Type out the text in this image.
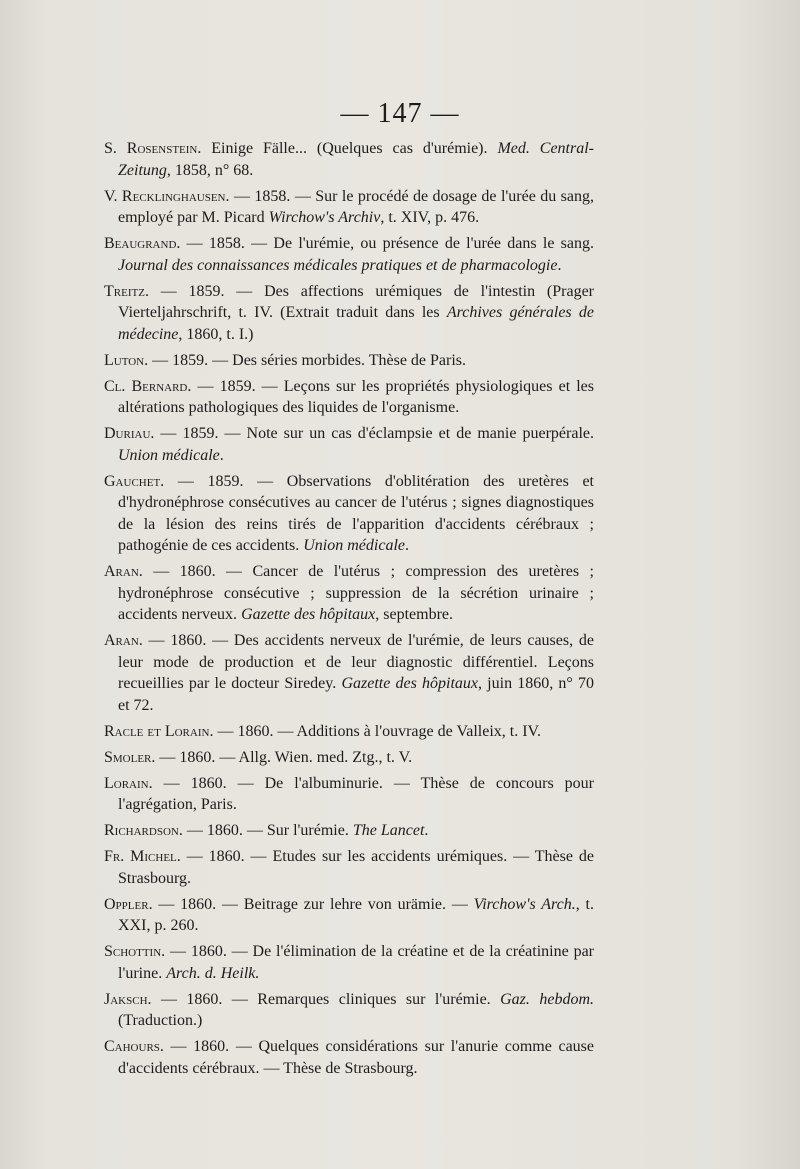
— 147 —

S. Rosenstein. Einige Fälle... (Quelques cas d'urémie). Med. Central-Zeitung, 1858, n° 68.

V. Recklinghausen. — 1858. — Sur le procédé de dosage de l'urée du sang, employé par M. Picard Wirchow's Archiv, t. XIV, p. 476.

Beaugrand. — 1858. — De l'urémie, ou présence de l'urée dans le sang. Journal des connaissances médicales pratiques et de pharmacologie.

Treitz. — 1859. — Des affections urémiques de l'intestin (Prager Vierteljahrschrift, t. IV. (Extrait traduit dans les Archives générales de médecine, 1860, t. I.)

Luton. — 1859. — Des séries morbides. Thèse de Paris.

Cl. Bernard. — 1859. — Leçons sur les propriétés physiologiques et les altérations pathologiques des liquides de l'organisme.

Duriau. — 1859. — Note sur un cas d'éclampsie et de manie puerpérale. Union médicale.

Gauchet. — 1859. — Observations d'oblitération des uretères et d'hydronéphrose consécutives au cancer de l'utérus ; signes diagnostiques de la lésion des reins tirés de l'apparition d'accidents cérébraux ; pathogénie de ces accidents. Union médicale.

Aran. — 1860. — Cancer de l'utérus ; compression des uretères ; hydronéphrose consécutive ; suppression de la sécrétion urinaire ; accidents nerveux. Gazette des hôpitaux, septembre.

Aran. — 1860. — Des accidents nerveux de l'urémie, de leurs causes, de leur mode de production et de leur diagnostic différentiel. Leçons recueillies par le docteur Siredey. Gazette des hôpitaux, juin 1860, n° 70 et 72.

Racle et Lorain. — 1860. — Additions à l'ouvrage de Valleix, t. IV.

Smoler. — 1860. — Allg. Wien. med. Ztg., t. V.

Lorain. — 1860. — De l'albuminurie. — Thèse de concours pour l'agrégation, Paris.

Richardson. — 1860. — Sur l'urémie. The Lancet.

Fr. Michel. — 1860. — Etudes sur les accidents urémiques. — Thèse de Strasbourg.

Oppler. — 1860. — Beitrage zur lehre von urämie. — Virchow's Arch., t. XXI, p. 260.

Schottin. — 1860. — De l'élimination de la créatine et de la créatinine par l'urine. Arch. d. Heilk.

Jaksch. — 1860. — Remarques cliniques sur l'urémie. Gaz. hebdom. (Traduction.)

Cahours. — 1860. — Quelques considérations sur l'anurie comme cause d'accidents cérébraux. — Thèse de Strasbourg.
